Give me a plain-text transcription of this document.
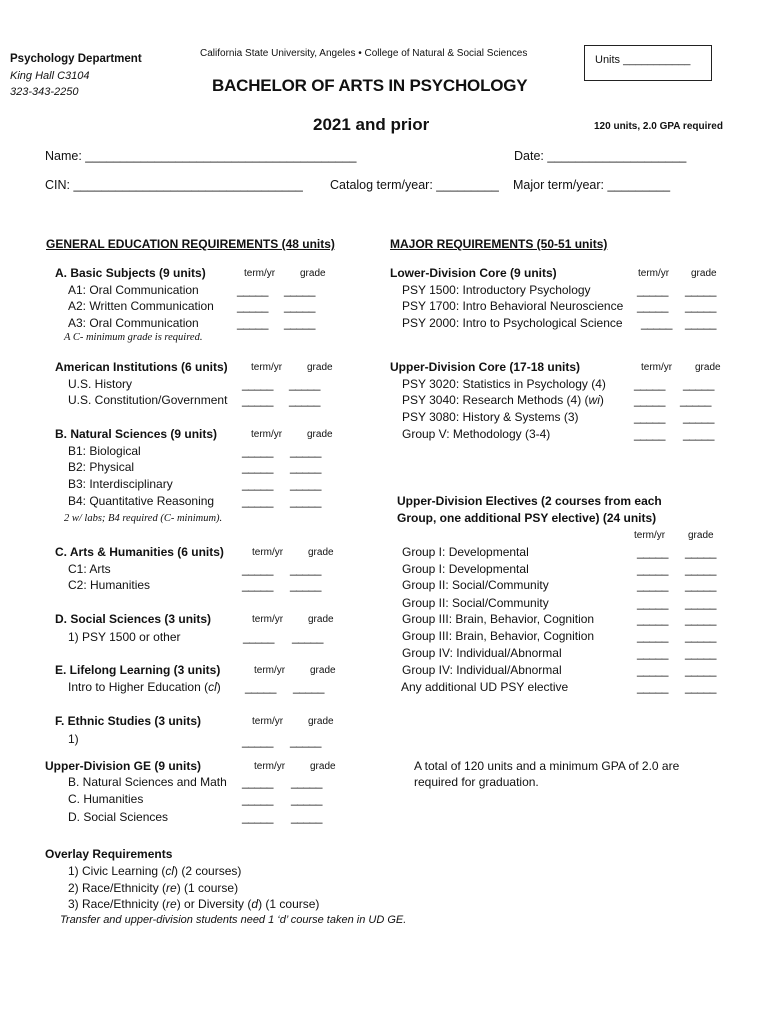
Psychology Department
King Hall C3104
323-343-2250
California State University, Angeles • College of Natural & Social Sciences
BACHELOR OF ARTS IN PSYCHOLOGY
2021 and prior
Units ___________
120 units, 2.0 GPA required
Name: _______________________________________	Date: ____________________
CIN: _________________________________ Catalog term/year: _________ Major term/year: _________
GENERAL EDUCATION REQUIREMENTS (48 units)
A. Basic Subjects (9 units)	term/yr grade
A1: Oral Communication	_____ _____
A2: Written Communication _____ _____
A3: Oral Communication	_____ _____
A C- minimum grade is required.
American Institutions (6 units) term/yr grade
U.S. History	_____ _____
U.S. Constitution/Government _____ _____
B. Natural Sciences (9 units)	term/yr grade
B1: Biological	_____ _____
B2: Physical	_____ _____
B3: Interdisciplinary	_____ _____
B4: Quantitative Reasoning _____ _____
2 w/ labs; B4 required (C- minimum).
C. Arts & Humanities (6 units)	term/yr grade
C1: Arts	_____ _____
C2: Humanities	_____ _____
D. Social Sciences (3 units)	term/yr grade
1) PSY 1500 or other	_____ _____
E. Lifelong Learning (3 units)	term/yr grade
Intro to Higher Education (cl) _____ _____
F. Ethnic Studies (3 units)	term/yr grade
1)	_____ _____
Upper-Division GE (9 units)	term/yr grade
B. Natural Sciences and Math _____ _____
C. Humanities	_____ _____
D. Social Sciences	_____ _____
Overlay Requirements
1) Civic Learning (cl) (2 courses)
2) Race/Ethnicity (re) (1 course)
3) Race/Ethnicity (re) or Diversity (d) (1 course)
Transfer and upper-division students need 1 ‘d’ course taken in UD GE.
MAJOR REQUIREMENTS (50-51 units)
Lower-Division Core (9 units)	term/yr grade
PSY 1500: Introductory Psychology	_____ _____
PSY 1700: Intro Behavioral Neuroscience _____ _____
PSY 2000: Intro to Psychological Science _____ _____
Upper-Division Core (17-18 units)	term/yr grade
PSY 3020: Statistics in Psychology (4) _____ _____
PSY 3040: Research Methods (4) (wi)	_____ _____
PSY 3080: History & Systems (3)	_____ _____
Group V: Methodology (3-4)	_____ _____
Upper-Division Electives (2 courses from each
Group, one additional PSY elective) (24 units)
term/yr grade
Group I: Developmental	_____ _____
Group I: Developmental	_____ _____
Group II: Social/Community	_____ _____
Group II: Social/Community	_____ _____
Group III: Brain, Behavior, Cognition	_____ _____
Group III: Brain, Behavior, Cognition	_____ _____
Group IV: Individual/Abnormal	_____ _____
Group IV: Individual/Abnormal	_____ _____
Any additional UD PSY elective	_____ _____
A total of 120 units and a minimum GPA of 2.0 are required for graduation.
